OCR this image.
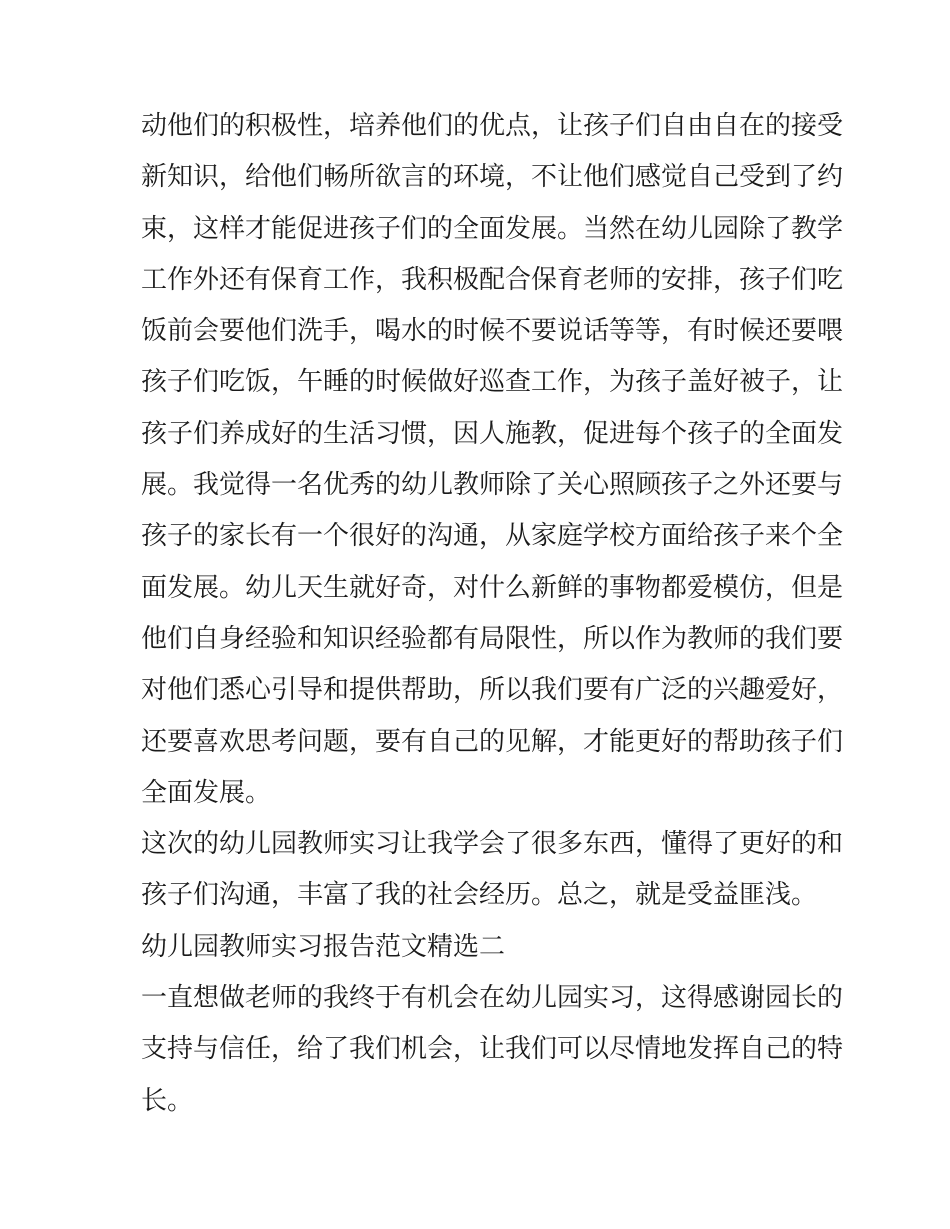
动他们的积极性，培养他们的优点，让孩子们自由自在的接受
新知识，给他们畅所欲言的环境，不让他们感觉自己受到了约
束，这样才能促进孩子们的全面发展。当然在幼儿园除了教学
工作外还有保育工作，我积极配合保育老师的安排，孩子们吃
饭前会要他们洗手，喝水的时候不要说话等等，有时候还要喂
孩子们吃饭，午睡的时候做好巡查工作，为孩子盖好被子，让
孩子们养成好的生活习惯，因人施教，促进每个孩子的全面发
展。我觉得一名优秀的幼儿教师除了关心照顾孩子之外还要与
孩子的家长有一个很好的沟通，从家庭学校方面给孩子来个全
面发展。幼儿天生就好奇，对什么新鲜的事物都爱模仿，但是
他们自身经验和知识经验都有局限性，所以作为教师的我们要
对他们悉心引导和提供帮助，所以我们要有广泛的兴趣爱好，
还要喜欢思考问题，要有自己的见解，才能更好的帮助孩子们
全面发展。
这次的幼儿园教师实习让我学会了很多东西，懂得了更好的和
孩子们沟通，丰富了我的社会经历。总之，就是受益匪浅。
幼儿园教师实习报告范文精选二
一直想做老师的我终于有机会在幼儿园实习，这得感谢园长的
支持与信任，给了我们机会，让我们可以尽情地发挥自己的特
长。
